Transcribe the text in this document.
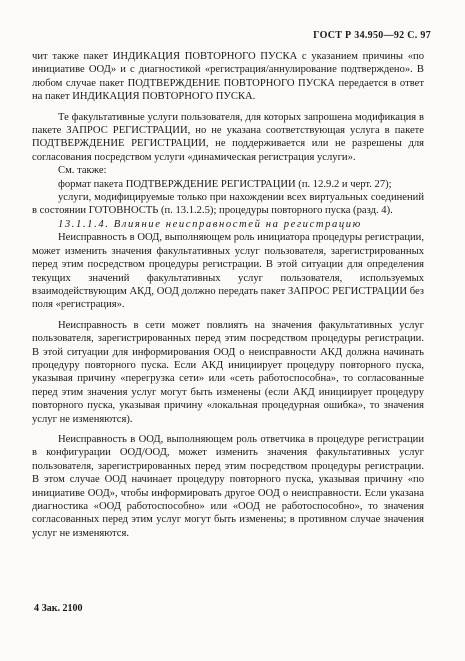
ГОСТ Р 34.950—92 С. 97

чит также пакет ИНДИКАЦИЯ ПОВТОРНОГО ПУСКА с указанием причины «по инициативе ООД» и с диагностикой «регистрация/аннулирование подтверждено». В любом случае пакет ПОДТВЕРЖДЕНИЕ ПОВТОРНОГО ПУСКА передается в ответ на пакет ИНДИКАЦИЯ ПОВТОРНОГО ПУСКА.

Те факультативные услуги пользователя, для которых запрошена модификация в пакете ЗАПРОС РЕГИСТРАЦИИ, но не указана соответствующая услуга в пакете ПОДТВЕРЖДЕНИЕ РЕГИСТРАЦИИ, не поддерживается или не разрешены для согласования посредством услуги «динамическая регистрация услуги».

См. также:

формат пакета ПОДТВЕРЖДЕНИЕ РЕГИСТРАЦИИ (п. 12.9.2 и черт. 27);

услуги, модифицируемые только при нахождении всех виртуальных соединений в состоянии ГОТОВНОСТЬ (п. 13.1.2.5); процедуры повторного пуска (разд. 4).

13.1.1.4. Влияние неисправностей на регистрацию

Неисправность в ООД, выполняющем роль инициатора процедуры регистрации, может изменить значения факультативных услуг пользователя, зарегистрированных перед этим посредством процедуры регистрации. В этой ситуации для определения текущих значений факультативных услуг пользователя, используемых взаимодействующим АКД, ООД должно передать пакет ЗАПРОС РЕГИСТРАЦИИ без поля «регистрация».

Неисправность в сети может повлиять на значения факультативных услуг пользователя, зарегистрированных перед этим посредством процедуры регистрации. В этой ситуации для информирования ООД о неисправности АКД должна начинать процедуру повторного пуска. Если АКД инициирует процедуру повторного пуска, указывая причину «перегрузка сети» или «сеть работоспособна», то согласованные перед этим значения услуг могут быть изменены (если АКД инициирует процедуру повторного пуска, указывая причину «локальная процедурная ошибка», то значения услуг не изменяются).

Неисправность в ООД, выполняющем роль ответчика в процедуре регистрации в конфигурации ООД/ООД, может изменить значения факультативных услуг пользователя, зарегистрированных перед этим посредством процедуры регистрации. В этом случае ООД начинает процедуру повторного пуска, указывая причину «по инициативе ООД», чтобы информировать другое ООД о неисправности. Если указана диагностика «ООД работоспособно» или «ООД не работоспособно», то значения согласованных перед этим услуг могут быть изменены; в противном случае значения услуг не изменяются.

4 Зак. 2100
